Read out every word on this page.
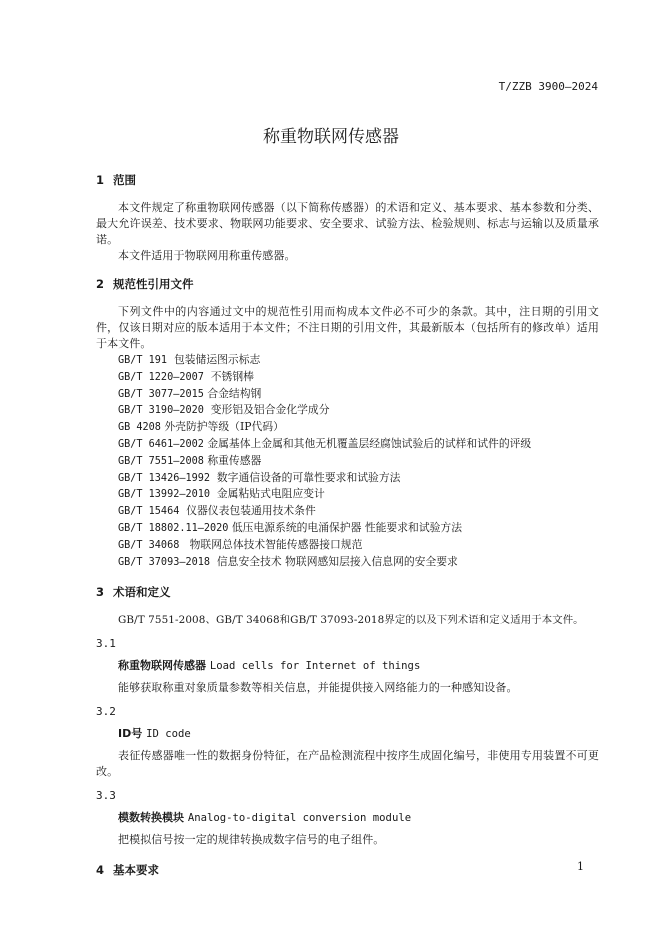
T/ZZB 3900—2024
称重物联网传感器

1 范围

本文件规定了称重物联网传感器（以下简称传感器）的术语和定义、基本要求、基本参数和分类、最大允许误差、技术要求、物联网功能要求、安全要求、试验方法、检验规则、标志与运输以及质量承诺。

本文件适用于物联网用称重传感器。

2 规范性引用文件

下列文件中的内容通过文中的规范性引用而构成本文件必不可少的条款。其中，注日期的引用文件，仅该日期对应的版本适用于本文件；不注日期的引用文件，其最新版本（包括所有的修改单）适用于本文件。

GB/T 191 包装储运图示标志

GB/T 1220—2007 不锈钢棒

GB/T 3077—2015 合金结构钢

GB/T 3190—2020 变形铝及铝合金化学成分

GB 4208 外壳防护等级（IP代码）

GB/T 6461—2002 金属基体上金属和其他无机覆盖层经腐蚀试验后的试样和试件的评级

GB/T 7551—2008 称重传感器

GB/T 13426—1992 数字通信设备的可靠性要求和试验方法

GB/T 13992—2010 金属粘贴式电阻应变计

GB/T 15464 仪器仪表包装通用技术条件

GB/T 18802.11—2020 低压电源系统的电涌保护器 性能要求和试验方法

GB/T 34068 物联网总体技术智能传感器接口规范

GB/T 37093—2018 信息安全技术 物联网感知层接入信息网的安全要求

3 术语和定义

GB/T 7551-2008、GB/T 34068和GB/T 37093-2018界定的以及下列术语和定义适用于本文件。

3.1

称重物联网传感器 Load cells for Internet of things

能够获取称重对象质量参数等相关信息，并能提供接入网络能力的一种感知设备。

3.2

ID号 ID code

表征传感器唯一性的数据身份特征，在产品检测流程中按序生成固化编号，非使用专用装置不可更改。

3.3

模数转换模块 Analog-to-digital conversion module

把模拟信号按一定的规律转换成数字信号的电子组件。

4 基本要求	1
